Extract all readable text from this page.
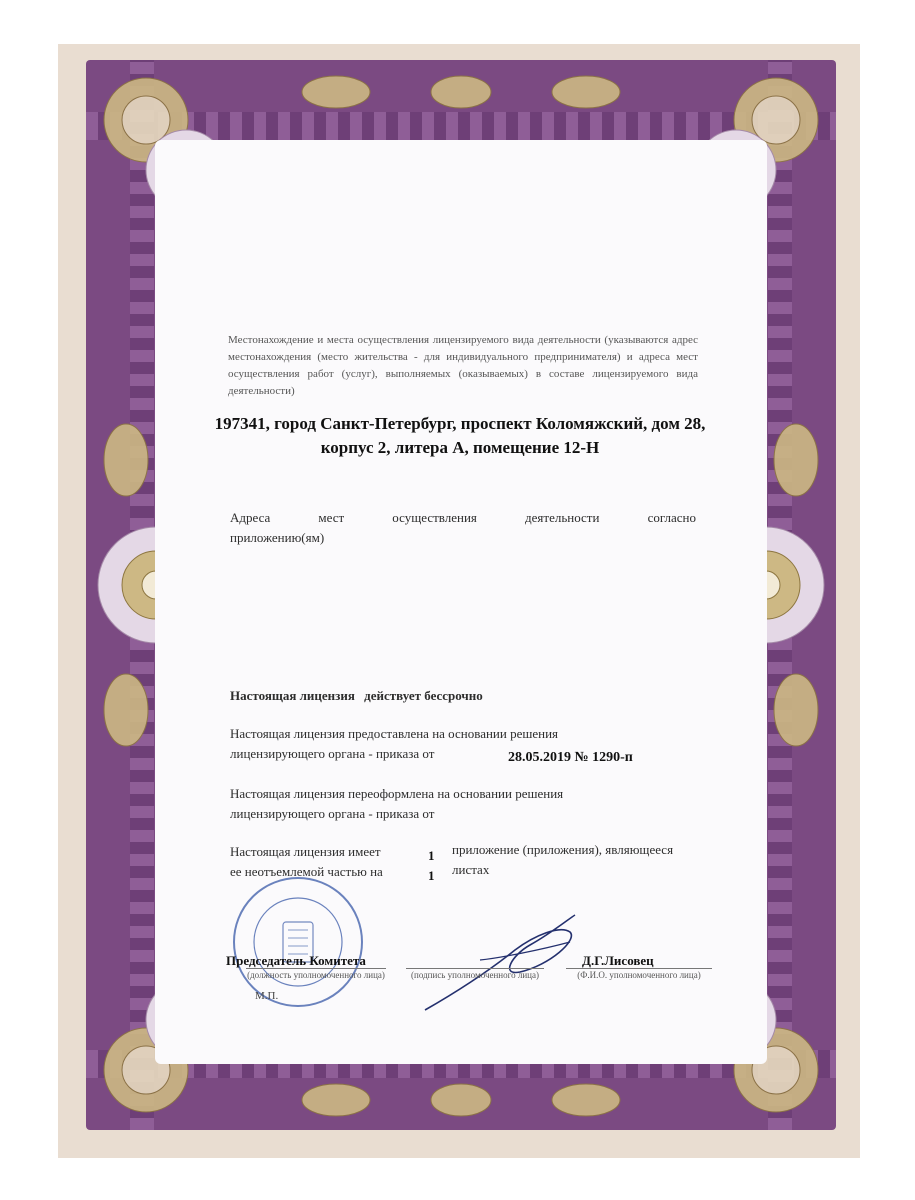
Местонахождение и места осуществления лицензируемого вида деятельности (указываются адрес местонахождения (место жительства - для индивидуального предпринимателя) и адреса мест осуществления работ (услуг), выполняемых (оказываемых) в составе лицензируемого вида деятельности)
197341, город Санкт-Петербург, проспект Коломяжский, дом 28,
корпус 2, литера А, помещение 12-Н
Адреса мест осуществления деятельности согласно
приложению(ям)
Настоящая лицензия действует бессрочно
Настоящая лицензия предоставлена на основании решения
лицензирующего органа - приказа от	28.05.2019 № 1290-п
Настоящая лицензия переоформлена на основании решения
лицензирующего органа - приказа от
Настоящая лицензия имеет
ее неотъемлемой частью на
1
1
приложение (приложения), являющееся
листах
Председатель Комитета
(должность уполномоченного лица)	(подпись уполномоченного лица)
Д.Г.Лисовец
(Ф.И.О. уполномоченного лица)
М.П.
